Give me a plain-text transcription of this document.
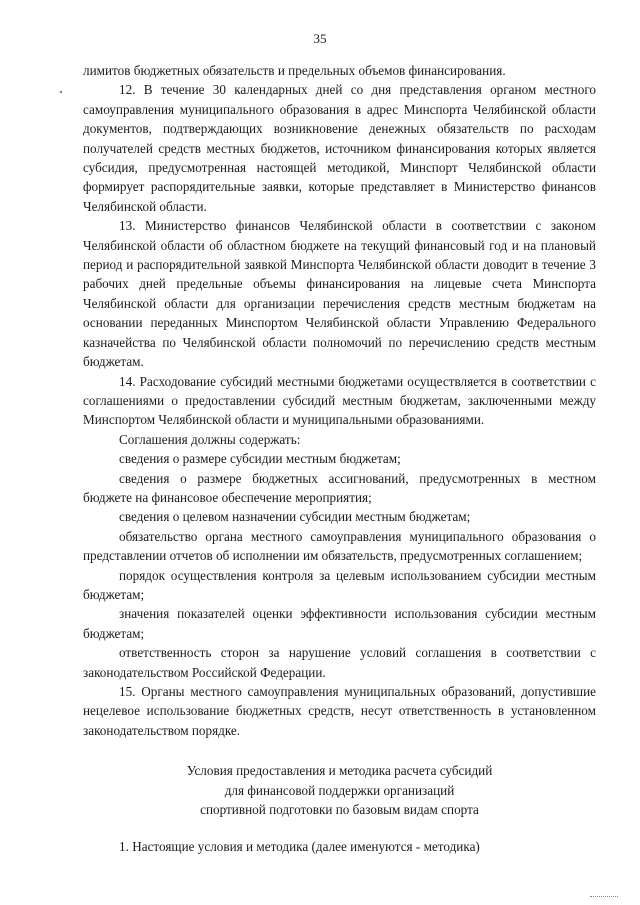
35

лимитов бюджетных обязательств и предельных объемов финансирования.

12. В течение 30 календарных дней со дня представления органом местного самоуправления муниципального образования в адрес Минспорта Челябинской области документов, подтверждающих возникновение денежных обязательств по расходам получателей средств местных бюджетов, источником финансирования которых является субсидия, предусмотренная настоящей методикой, Минспорт Челябинской области формирует распорядительные заявки, которые представляет в Министерство финансов Челябинской области.

13. Министерство финансов Челябинской области в соответствии с законом Челябинской области об областном бюджете на текущий финансовый год и на плановый период и распорядительной заявкой Минспорта Челябинской области доводит в течение 3 рабочих дней предельные объемы финансирования на лицевые счета Минспорта Челябинской области для организации перечисления средств местным бюджетам на основании переданных Минспортом Челябинской области Управлению Федерального казначейства по Челябинской области полномочий по перечислению средств местным бюджетам.

14. Расходование субсидий местными бюджетами осуществляется в соответствии с соглашениями о предоставлении субсидий местным бюджетам, заключенными между Минспортом Челябинской области и муниципальными образованиями.

Соглашения должны содержать:

сведения о размере субсидии местным бюджетам;

сведения о размере бюджетных ассигнований, предусмотренных в местном бюджете на финансовое обеспечение мероприятия;

сведения о целевом назначении субсидии местным бюджетам;

обязательство органа местного самоуправления муниципального образования о представлении отчетов об исполнении им обязательств, предусмотренных соглашением;

порядок осуществления контроля за целевым использованием субсидии местным бюджетам;

значения показателей оценки эффективности использования субсидии местным бюджетам;

ответственность сторон за нарушение условий соглашения в соответствии с законодательством Российской Федерации.

15. Органы местного самоуправления муниципальных образований, допустившие нецелевое использование бюджетных средств, несут ответственность в установленном законодательством порядке.

Условия предоставления и методика расчета субсидий
для финансовой поддержки организаций
спортивной подготовки по базовым видам спорта

1. Настоящие условия и методика (далее именуются - методика)
